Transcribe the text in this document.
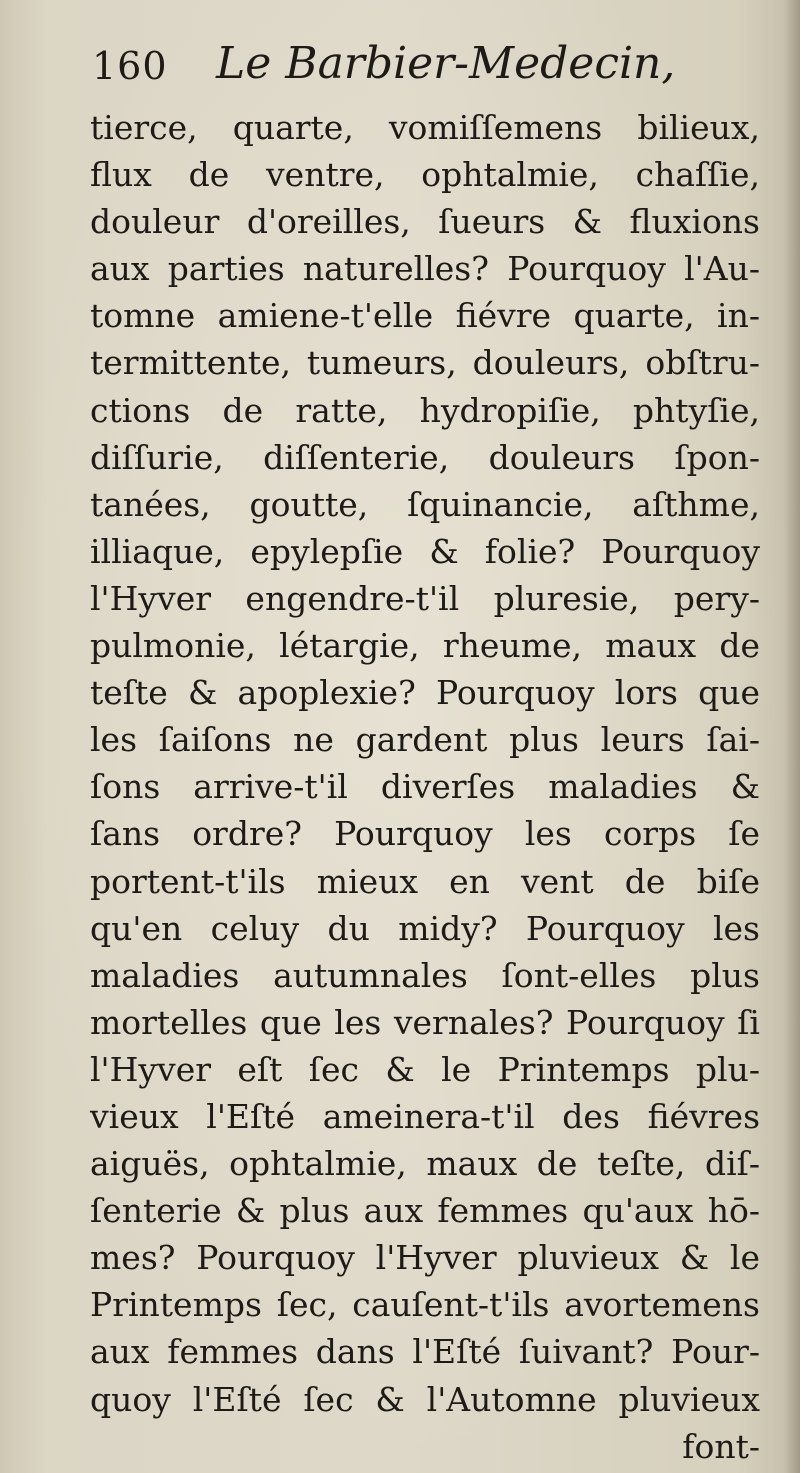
160 Le Barbier-Medecin,
tierce, quarte, vomiſſemens bilieux,
flux de ventre, ophtalmie, chaſſie,
douleur d'oreilles, ſueurs & fluxions
aux parties naturelles? Pourquoy l'Au-
tomne amiene-t'elle fiévre quarte, in-
termittente, tumeurs, douleurs, obſtru-
ctions de ratte, hydropiſie, phtyſie,
diſſurie, diſſenterie, douleurs ſpon-
tanées, goutte, ſquinancie, aſthme,
illiaque, epylepſie & folie? Pourquoy
l'Hyver engendre-t'il pluresie, pery-
pulmonie, létargie, rheume, maux de
teſte & apoplexie? Pourquoy lors que
les ſaiſons ne gardent plus leurs ſai-
ſons arrive-t'il diverſes maladies &
ſans ordre? Pourquoy les corps ſe
portent-t'ils mieux en vent de biſe
qu'en celuy du midy? Pourquoy les
maladies autumnales ſont-elles plus
mortelles que les vernales? Pourquoy ſi
l'Hyver eſt ſec & le Printemps plu-
vieux l'Eſté ameinera-t'il des fiévres
aiguës, ophtalmie, maux de teſte, diſ-
ſenterie & plus aux femmes qu'aux hō-
mes? Pourquoy l'Hyver pluvieux & le
Printemps ſec, cauſent-t'ils avortemens
aux femmes dans l'Eſté ſuivant? Pour-
quoy l'Eſté ſec & l'Automne pluvieux
font-
